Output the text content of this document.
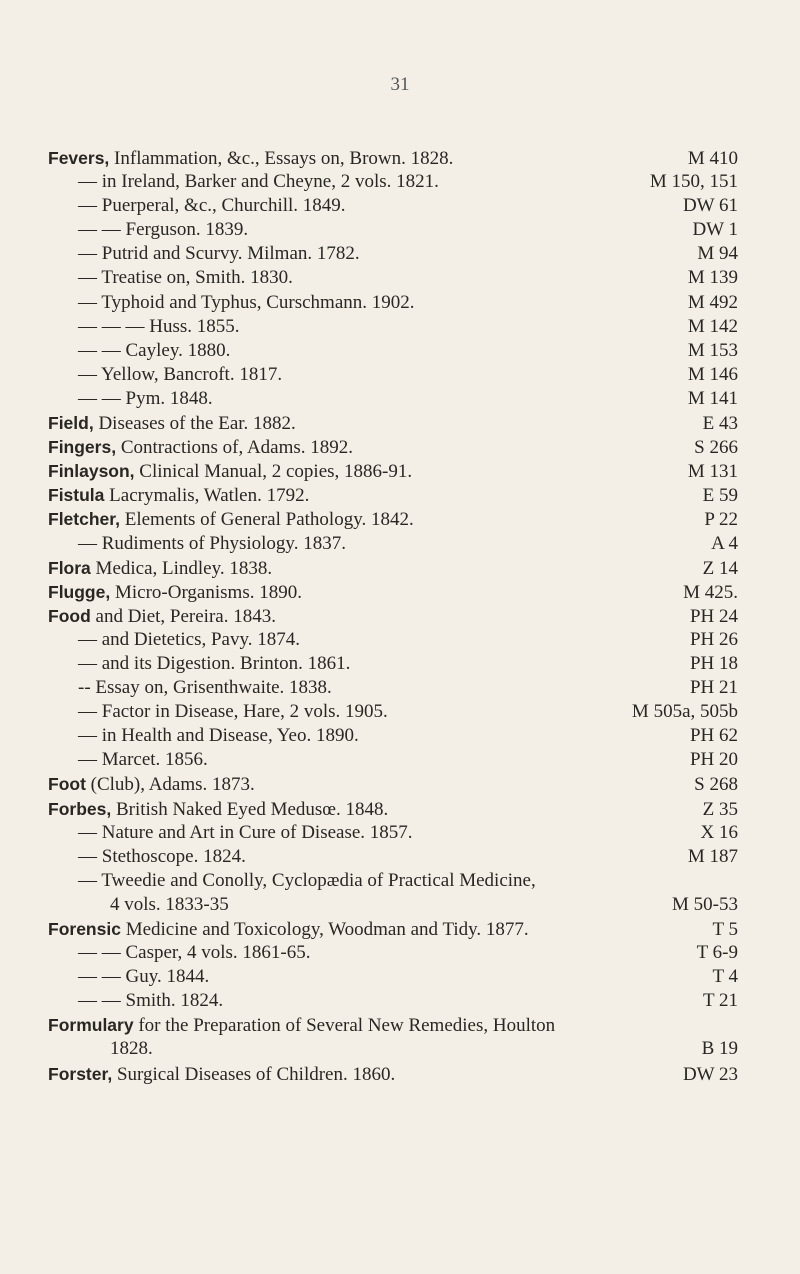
31
Fevers, Inflammation, &c., Essays on, Brown. 1828.	M 410
— in Ireland, Barker and Cheyne, 2 vols. 1821.	M 150, 151
— Puerperal, &c., Churchill. 1849.	DW 61
— — Ferguson. 1839.	DW 1
— Putrid and Scurvy. Milman. 1782.	M 94
— Treatise on, Smith. 1830.	M 139
— Typhoid and Typhus, Curschmann. 1902.	M 492
— — — Huss. 1855.	M 142
— — Cayley. 1880.	M 153
— Yellow, Bancroft. 1817.	M 146
— — Pym. 1848.	M 141
Field, Diseases of the Ear. 1882.	E 43
Fingers, Contractions of, Adams. 1892.	S 266
Finlayson, Clinical Manual, 2 copies, 1886-91.	M 131
Fistula Lacrymalis, Watlen. 1792.	E 59
Fletcher, Elements of General Pathology. 1842.	P 22
— Rudiments of Physiology. 1837.	A 4
Flora Medica, Lindley. 1838.	Z 14
Flugge, Micro-Organisms. 1890.	M 425.
Food and Diet, Pereira. 1843.	PH 24
— and Dietetics, Pavy. 1874.	PH 26
— and its Digestion. Brinton. 1861.	PH 18
-- Essay on, Grisenthwaite. 1838.	PH 21
— Factor in Disease, Hare, 2 vols. 1905.	M 505a, 505b
— in Health and Disease, Yeo. 1890.	PH 62
— Marcet. 1856.	PH 20
Foot (Club), Adams. 1873.	S 268
Forbes, British Naked Eyed Medusœ. 1848.	Z 35
— Nature and Art in Cure of Disease. 1857.	X 16
— Stethoscope. 1824.	M 187
— Tweedie and Conolly, Cyclopædia of Practical Medicine,
4 vols. 1833-35	M 50-53
Forensic Medicine and Toxicology, Woodman and Tidy. 1877.	T 5
— — Casper, 4 vols. 1861-65.	T 6-9
— — Guy. 1844.	T 4
— — Smith. 1824.	T 21
Formulary for the Preparation of Several New Remedies, Houlton
1828.	B 19
Forster, Surgical Diseases of Children. 1860.	DW 23
